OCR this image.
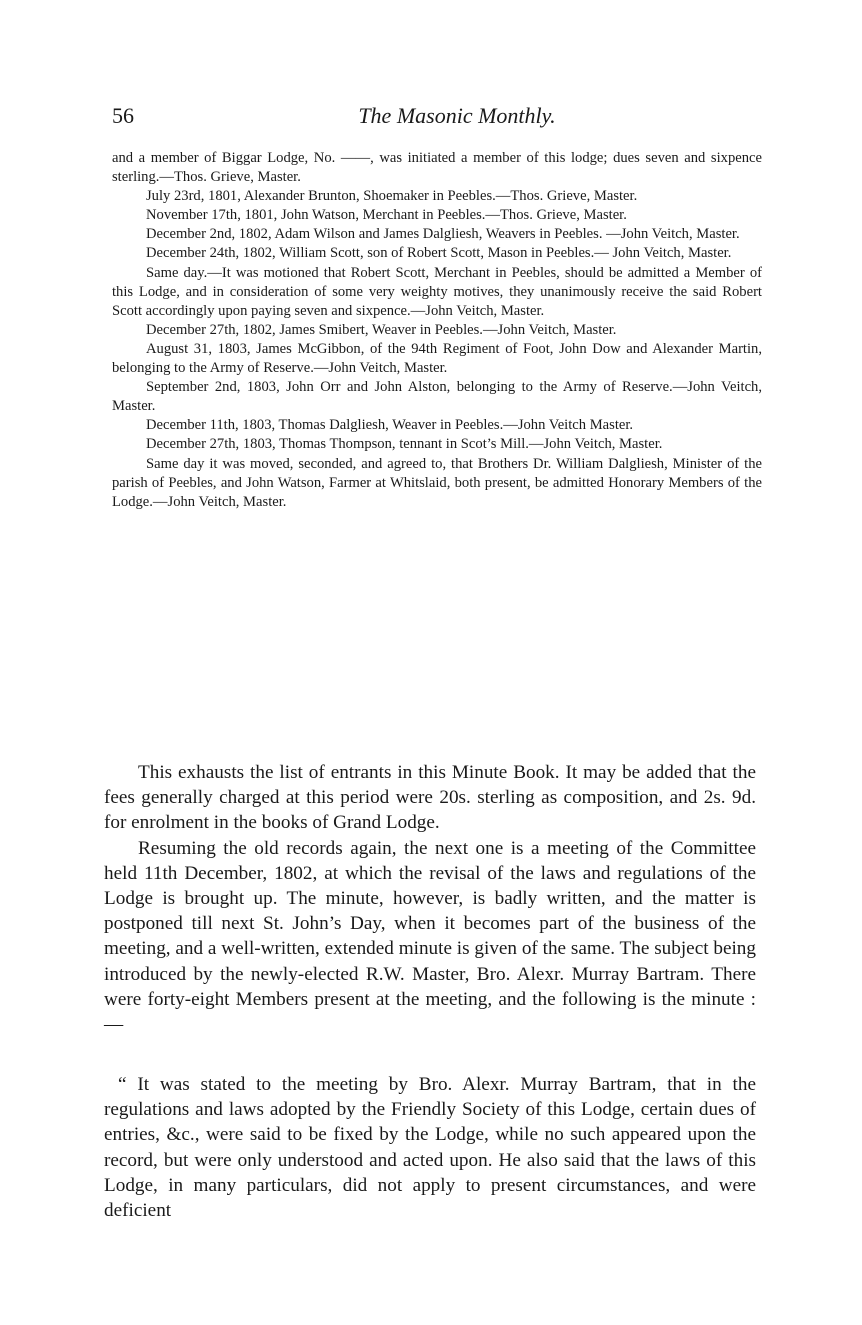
56	The Masonic Monthly.

and a member of Biggar Lodge, No. ——, was initiated a member of this lodge; dues seven and sixpence sterling.—Thos. Grieve, Master.

July 23rd, 1801, Alexander Brunton, Shoemaker in Peebles.—Thos. Grieve, Master.

November 17th, 1801, John Watson, Merchant in Peebles.—Thos. Grieve, Master.

December 2nd, 1802, Adam Wilson and James Dalgliesh, Weavers in Peebles. —John Veitch, Master.

December 24th, 1802, William Scott, son of Robert Scott, Mason in Peebles.— John Veitch, Master.

Same day.—It was motioned that Robert Scott, Merchant in Peebles, should be admitted a Member of this Lodge, and in consideration of some very weighty motives, they unanimously receive the said Robert Scott accordingly upon paying seven and sixpence.—John Veitch, Master.

December 27th, 1802, James Smibert, Weaver in Peebles.—John Veitch, Master.

August 31, 1803, James McGibbon, of the 94th Regiment of Foot, John Dow and Alexander Martin, belonging to the Army of Reserve.—John Veitch, Master.

September 2nd, 1803, John Orr and John Alston, belonging to the Army of Reserve.—John Veitch, Master.

December 11th, 1803, Thomas Dalgliesh, Weaver in Peebles.—John Veitch Master.

December 27th, 1803, Thomas Thompson, tennant in Scot’s Mill.—John Veitch, Master.

Same day it was moved, seconded, and agreed to, that Brothers Dr. William Dalgliesh, Minister of the parish of Peebles, and John Watson, Farmer at Whitslaid, both present, be admitted Honorary Members of the Lodge.—John Veitch, Master.

This exhausts the list of entrants in this Minute Book. It may be added that the fees generally charged at this period were 20s. sterling as composition, and 2s. 9d. for enrolment in the books of Grand Lodge.

Resuming the old records again, the next one is a meeting of the Committee held 11th December, 1802, at which the revisal of the laws and regulations of the Lodge is brought up. The minute, however, is badly written, and the matter is postponed till next St. John’s Day, when it becomes part of the business of the meeting, and a well-written, extended minute is given of the same. The subject being introduced by the newly-elected R.W. Master, Bro. Alexr. Murray Bartram. There were forty-eight Members present at the meeting, and the following is the minute :—

“ It was stated to the meeting by Bro. Alexr. Murray Bartram, that in the regulations and laws adopted by the Friendly Society of this Lodge, certain dues of entries, &c., were said to be fixed by the Lodge, while no such appeared upon the record, but were only understood and acted upon. He also said that the laws of this Lodge, in many particulars, did not apply to present circumstances, and were deficient
